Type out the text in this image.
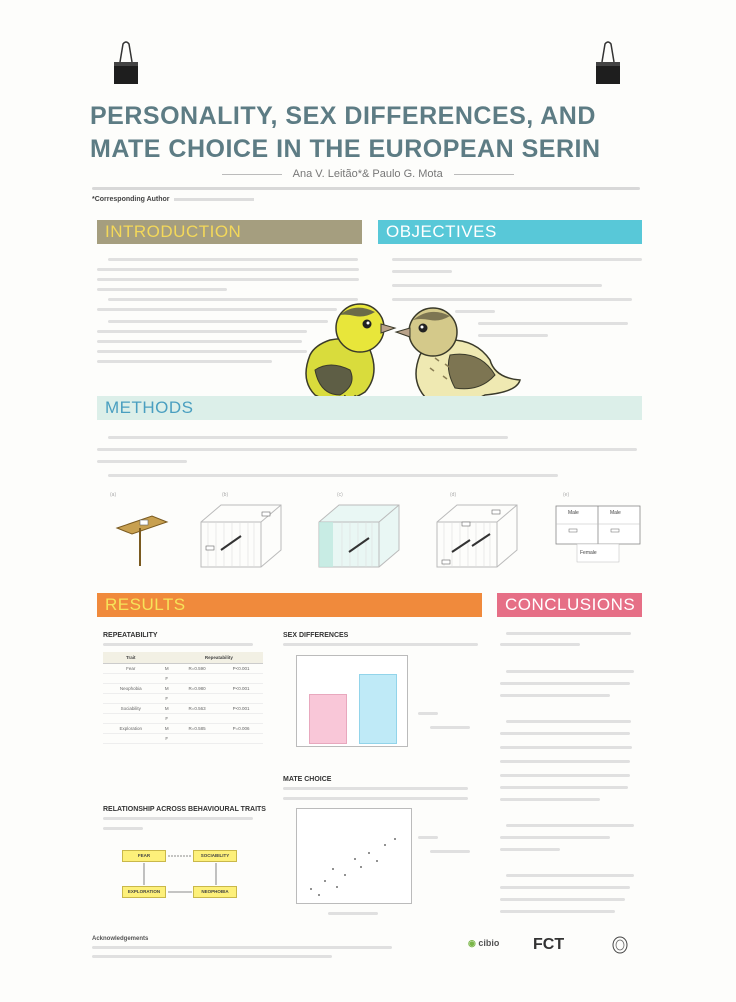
PERSONALITY, SEX DIFFERENCES, AND
MATE CHOICE IN THE EUROPEAN SERIN
Ana V. Leitão*& Paulo G. Mota
*Corresponding Author
INTRODUCTION	OBJECTIVES
METHODS
(a)	(b)	(c)	(d)	(e)
Male	Male
Female
RESULTS
REPEATABILITY
Trait		Repeatability	
Fear	M	R=0.590	P<0.001
	F		
Neophobia	M	R=0.980	P<0.001
	F		
Sociability	M	R=0.563	P<0.001
	F		
Exploration	M	R=0.585	P=0.006
	F		
SEX DIFFERENCES
MATE CHOICE
RELATIONSHIP ACROSS BEHAVIOURAL TRAITS
FEAR	SOCIABILITY
EXPLORATION	NEOPHOBIA
CONCLUSIONS
Acknowledgements	◉ cibio FCT
